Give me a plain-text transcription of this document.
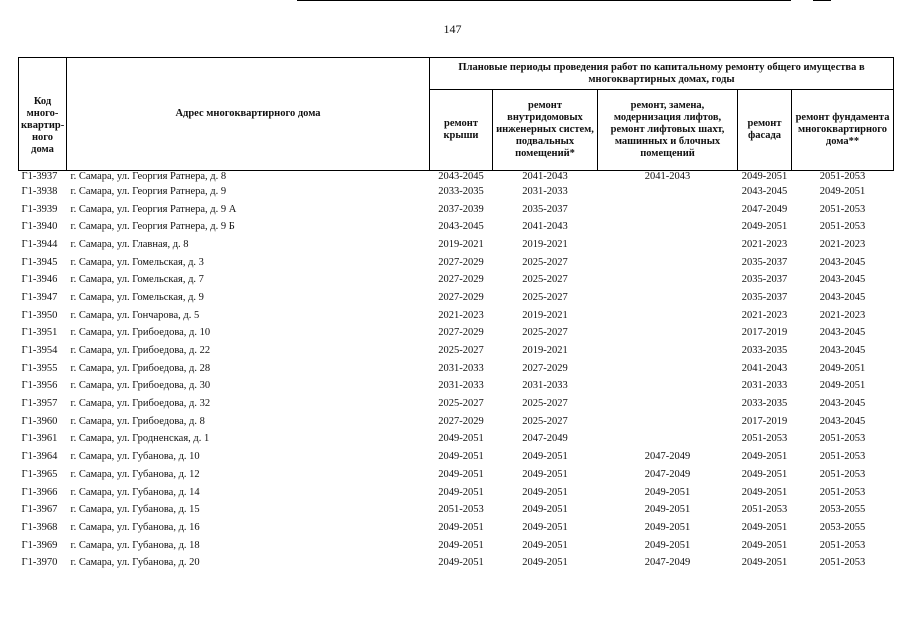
147
Код
много-
квартир-
ного
дома	Адрес многоквартирного дома	Плановые периоды проведения работ по капитальному ремонту общего имущества в многоквартирных домах, годы				
		ремонт крыши	ремонт внутридомовых инженерных систем, подвальных помещений*	ремонт, замена, модернизация лифтов, ремонт лифтовых шахт, машинных и блочных помещений	ремонт фасада	ремонт фундамента многоквартирного дома**
Г1-3937	г. Самара, ул. Георгия Ратнера, д. 8	2043-2045	2041-2043	2041-2043	2049-2051	2051-2053
Г1-3938	г. Самара, ул. Георгия Ратнера, д. 9	2033-2035	2031-2033		2043-2045	2049-2051
Г1-3939	г. Самара, ул. Георгия Ратнера, д. 9 А	2037-2039	2035-2037		2047-2049	2051-2053
Г1-3940	г. Самара, ул. Георгия Ратнера, д. 9 Б	2043-2045	2041-2043		2049-2051	2051-2053
Г1-3944	г. Самара, ул. Главная, д. 8	2019-2021	2019-2021		2021-2023	2021-2023
Г1-3945	г. Самара, ул. Гомельская, д. 3	2027-2029	2025-2027		2035-2037	2043-2045
Г1-3946	г. Самара, ул. Гомельская, д. 7	2027-2029	2025-2027		2035-2037	2043-2045
Г1-3947	г. Самара, ул. Гомельская, д. 9	2027-2029	2025-2027		2035-2037	2043-2045
Г1-3950	г. Самара, ул. Гончарова, д. 5	2021-2023	2019-2021		2021-2023	2021-2023
Г1-3951	г. Самара, ул. Грибоедова, д. 10	2027-2029	2025-2027		2017-2019	2043-2045
Г1-3954	г. Самара, ул. Грибоедова, д. 22	2025-2027	2019-2021		2033-2035	2043-2045
Г1-3955	г. Самара, ул. Грибоедова, д. 28	2031-2033	2027-2029		2041-2043	2049-2051
Г1-3956	г. Самара, ул. Грибоедова, д. 30	2031-2033	2031-2033		2031-2033	2049-2051
Г1-3957	г. Самара, ул. Грибоедова, д. 32	2025-2027	2025-2027		2033-2035	2043-2045
Г1-3960	г. Самара, ул. Грибоедова, д. 8	2027-2029	2025-2027		2017-2019	2043-2045
Г1-3961	г. Самара, ул. Гродненская, д. 1	2049-2051	2047-2049		2051-2053	2051-2053
Г1-3964	г. Самара, ул. Губанова, д. 10	2049-2051	2049-2051	2047-2049	2049-2051	2051-2053
Г1-3965	г. Самара, ул. Губанова, д. 12	2049-2051	2049-2051	2047-2049	2049-2051	2051-2053
Г1-3966	г. Самара, ул. Губанова, д. 14	2049-2051	2049-2051	2049-2051	2049-2051	2051-2053
Г1-3967	г. Самара, ул. Губанова, д. 15	2051-2053	2049-2051	2049-2051	2051-2053	2053-2055
Г1-3968	г. Самара, ул. Губанова, д. 16	2049-2051	2049-2051	2049-2051	2049-2051	2053-2055
Г1-3969	г. Самара, ул. Губанова, д. 18	2049-2051	2049-2051	2049-2051	2049-2051	2051-2053
Г1-3970	г. Самара, ул. Губанова, д. 20	2049-2051	2049-2051	2047-2049	2049-2051	2051-2053
